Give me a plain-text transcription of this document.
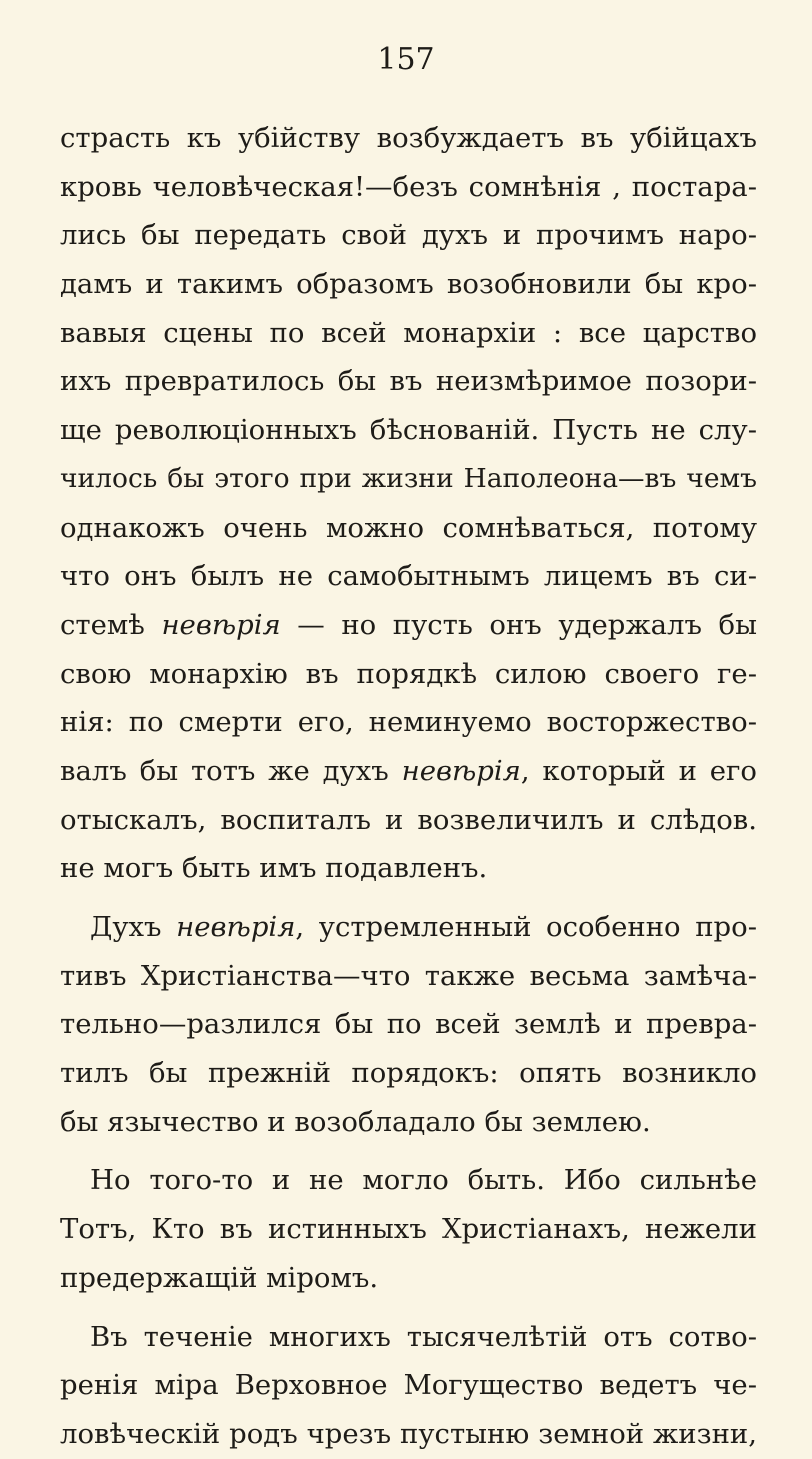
157
страсть къ убійству возбуждаетъ въ убійцахъ
кровь человѣческая!—безъ сомнѣнія , постара-
лись бы передать свой духъ и прочимъ наро-
дамъ и такимъ образомъ возобновили бы кро-
вавыя сцены по всей монархіи : все царство
ихъ превратилось бы въ неизмѣримое позори-
ще революціонныхъ бѣснованій. Пусть не слу-
чилось бы этого при жизни Наполеона—въ чемъ
однакожъ очень можно сомнѣваться, потому
что онъ былъ не самобытнымъ лицемъ въ си-
стемѣ невѣрія — но пусть онъ удержалъ бы
свою монархію въ порядкѣ силою своего ге-
нія: по смерти его, неминуемо восторжество-
валъ бы тотъ же духъ невѣрія, который и его
отыскалъ, воспиталъ и возвеличилъ и слѣдов.
не могъ быть имъ подавленъ.
Духъ невѣрія, устремленный особенно про-
тивъ Христіанства—что также весьма замѣча-
тельно—разлился бы по всей землѣ и превра-
тилъ бы прежній порядокъ: опять возникло
бы язычество и возобладало бы землею.
Но того-то и не могло быть. Ибо сильнѣе
Тотъ, Кто въ истинныхъ Христіанахъ, нежели
предержащій міромъ.
Въ теченіе многихъ тысячелѣтій отъ сотво-
ренія міра Верховное Могущество ведетъ че-
ловѣческій родъ чрезъ пустыню земной жизни,
